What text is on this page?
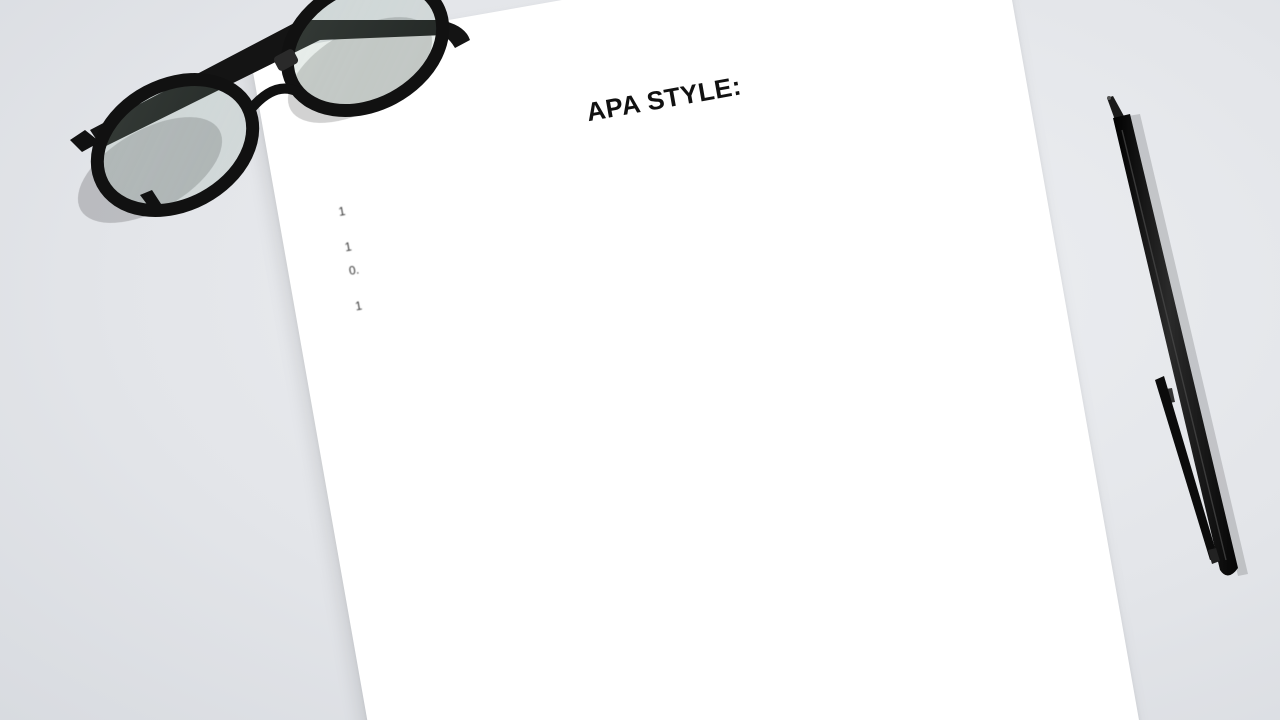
APA STYLE:
1
1
0.
1
